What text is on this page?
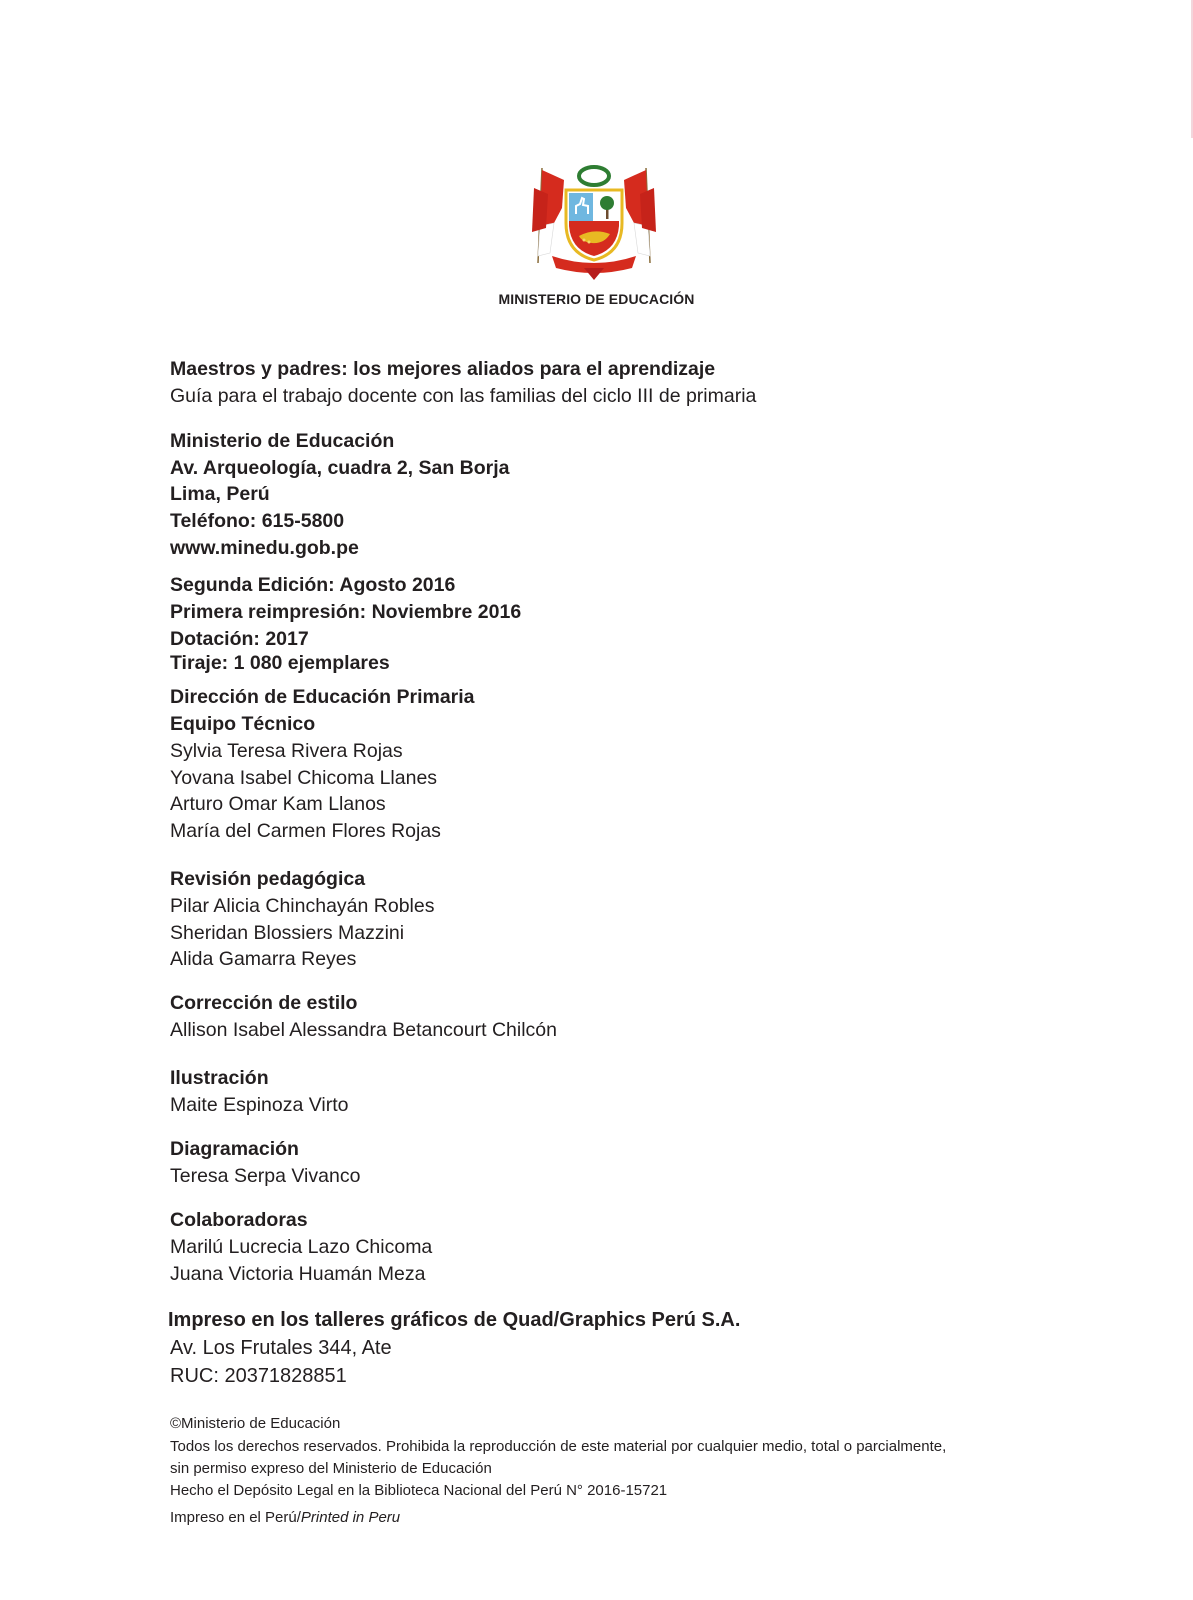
MINISTERIO DE EDUCACIÓN
Maestros y padres: los mejores aliados para el aprendizaje
Guía para el trabajo docente con las familias del ciclo III de primaria
Ministerio de Educación
Av. Arqueología, cuadra 2, San Borja
Lima, Perú
Teléfono: 615-5800
www.minedu.gob.pe
Segunda Edición: Agosto 2016
Primera reimpresión: Noviembre 2016
Dotación: 2017
Tiraje: 1 080 ejemplares
Dirección de Educación Primaria
Equipo Técnico
Sylvia Teresa Rivera Rojas
Yovana Isabel Chicoma Llanes
Arturo Omar Kam Llanos
María del Carmen Flores Rojas
Revisión pedagógica
Pilar Alicia Chinchayán Robles
Sheridan Blossiers Mazzini
Alida Gamarra Reyes
Corrección de estilo
Allison Isabel Alessandra Betancourt Chilcón
Ilustración
Maite Espinoza Virto
Diagramación
Teresa Serpa Vivanco
Colaboradoras
Marilú Lucrecia Lazo Chicoma
Juana Victoria Huamán Meza
Impreso en los talleres gráficos de Quad/Graphics Perú S.A.
Av. Los Frutales 344, Ate
RUC: 20371828851
©Ministerio de Educación
Todos los derechos reservados. Prohibida la reproducción de este material por cualquier medio, total o parcialmente,
sin permiso expreso del Ministerio de Educación
Hecho el Depósito Legal en la Biblioteca Nacional del Perú N° 2016-15721
Impreso en el Perú/Printed in Peru
